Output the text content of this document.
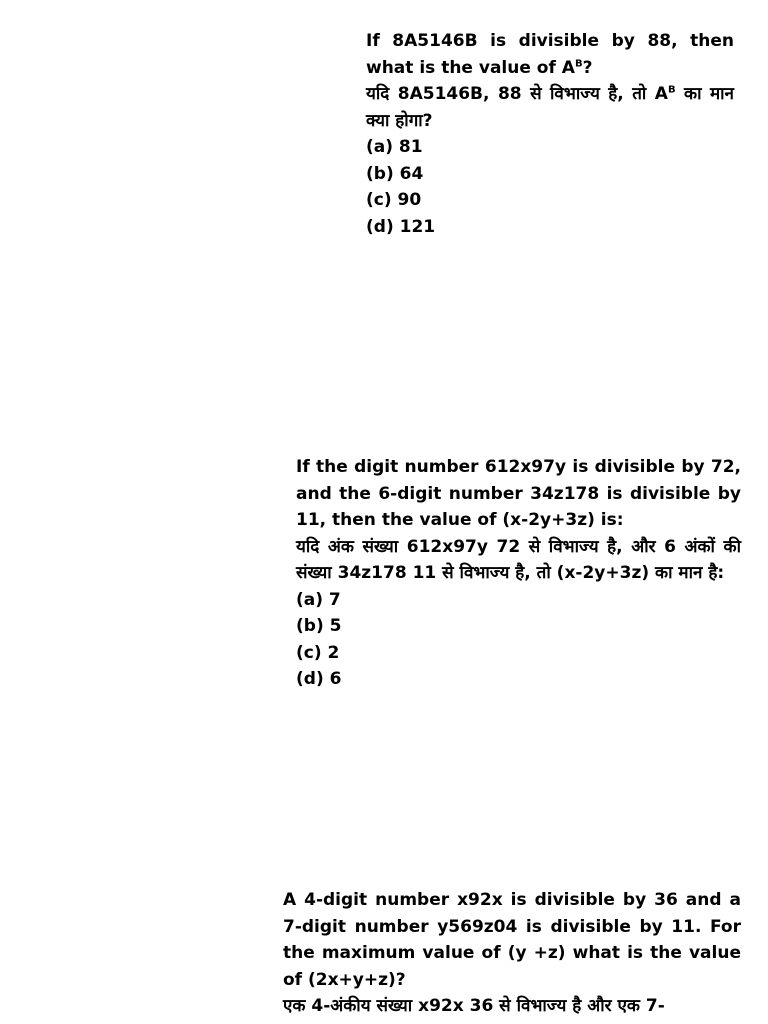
If 8A5146B is divisible by 88, then what is the value of $A^B$?

यदि 8A5146B, 88 से विभाज्य है, तो $A^B$ का मान क्या होगा?

(a) 81
(b) 64
(c) 90
(d) 121

If the digit number 612x97y is divisible by 72, and the 6-digit number 34z178 is divisible by 11, then the value of (x-2y+3z) is:

यदि अंक संख्या 612x97y 72 से विभाज्य है, और 6 अंकों की संख्या 34z178 11 से विभाज्य है, तो (x-2y+3z) का मान है:

(a) 7
(b) 5
(c) 2
(d) 6

A 4-digit number x92x is divisible by 36 and a 7-digit number y569z04 is divisible by 11. For the maximum value of (y +z) what is the value of (2x+y+z)?

एक 4-अंकीय संख्या x92x 36 से विभाज्य है और एक 7-
